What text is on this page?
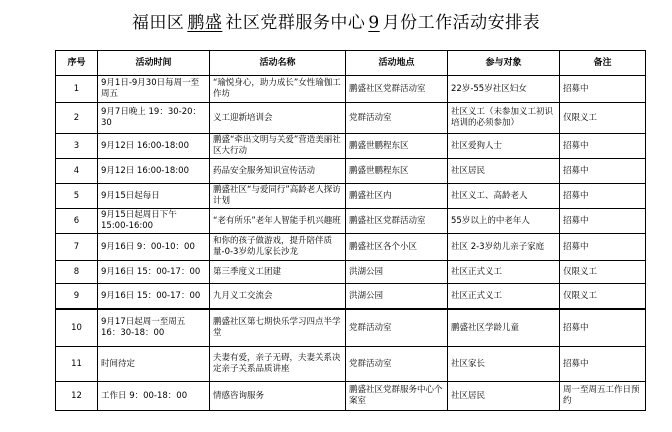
福田区 鹏盛 社区党群服务中心 9 月份工作活动安排表
序号	活动时间	活动名称	活动地点	参与对象	备注
1	9月1日-9月30日每周一至周五	“瑜悦身心，助力成长”女性瑜伽工作坊	鹏盛社区党群活动室	22岁-55岁社区妇女	招募中
2	9月7日晚上 19：30-20：30	义工迎新培训会	党群活动室	社区义工（未参加义工初识培训的必须参加）	仅限义工
3	9月12日 16:00-18:00	鹏盛“牵出文明与关爱”营造美丽社区大行动	鹏盛世鹏程东区	社区爱狗人士	招募中
4	9月12日 16:00-18:00	药品安全服务知识宣传活动	鹏盛世鹏程东区	社区居民	招募中
5	9月15日起每日	鹏盛社区“与爱同行”高龄老人探访计划	鹏盛社区内	社区义工、高龄老人	招募中
6	9月15日起周日下午 15:00-16:00	“老有所乐”老年人智能手机兴趣班	鹏盛社区党群活动室	55岁以上的中老年人	招募中
7	9月16日 9：00-10：00	和你的孩子做游戏，提升陪伴质量-0-3岁幼儿家长沙龙	鹏盛社区各个小区	社区 2-3岁幼儿亲子家庭	招募中
8	9月16日 15：00-17：00	第三季度义工团建	洪湖公园	社区正式义工	仅限义工
9	9月16日 15：00-17：00	九月义工交流会	洪湖公园	社区正式义工	仅限义工
10	9月17日起周一至周五 16：30-18：00	鹏盛社区第七期快乐学习四点半学堂	党群活动室	鹏盛社区学龄儿童	招募中
11	时间待定	夫妻有爱，亲子无碍，夫妻关系决定亲子关系品质讲座	党群活动室	社区家长	招募中
12	工作日 9：00-18：00	情感咨询服务	鹏盛社区党群服务中心个案室	社区居民	周一至周五工作日预约
